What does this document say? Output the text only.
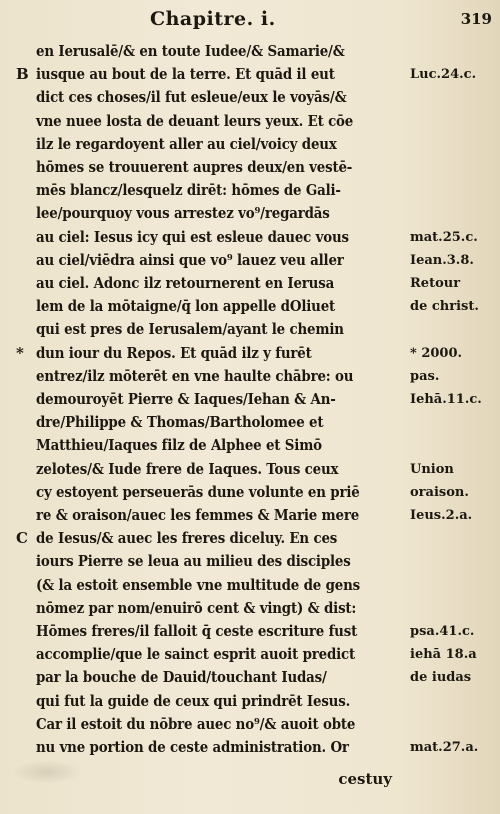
Chapitre. i.	319
en Ierusalē/& en toute Iudee/& Samarie/&
iusque au bout de la terre. Et quād il eut
dict ces choses/il fut esleue/eux le voyās/&
vne nuee losta de deuant leurs yeux. Et cōe
ilz le regardoyent aller au ciel/voicy deux
hōmes se trouuerent aupres deux/en vestē-
mēs blancz/lesquelz dirēt: hōmes de Gali-
lee/pourquoy vous arrestez vo⁹/regardās
au ciel: Iesus icy qui est esleue dauec vous
au ciel/viēdra ainsi que vo⁹ lauez veu aller
au ciel. Adonc ilz retournerent en Ierusa
lem de la mōtaigne/q̄ lon appelle dOliuet
qui est pres de Ierusalem/ayant le chemin
dun iour du Repos. Et quād ilz y furēt
entrez/ilz mōterēt en vne haulte chābre: ou
demouroyēt Pierre & Iaques/Iehan & An-
dre/Philippe & Thomas/Bartholomee et
Matthieu/Iaques filz de Alphee et Simō
zelotes/& Iude frere de Iaques. Tous ceux
cy estoyent perseuerās dune volunte en priē
re & oraison/auec les femmes & Marie mere
de Iesus/& auec les freres diceluy. En ces
iours Pierre se leua au milieu des disciples
(& la estoit ensemble vne multitude de gens
nōmez par nom/enuirō cent & vingt) & dist:
Hōmes freres/il falloit q̄ ceste escriture fust
accomplie/que le sainct esprit auoit predict
par la bouche de Dauid/touchant Iudas/
qui fut la guide de ceux qui prindrēt Iesus.
Car il estoit du nōbre auec no⁹/& auoit obte
nu vne portion de ceste administration. Or
Luc.24.c.
mat.25.c.
Iean.3.8.
Retour
de christ.
* 2000.
pas.
Iehā.11.c.
Union
oraison.
Ieus.2.a.
psa.41.c.
iehā 18.a
de iudas
mat.27.a.
B
*
C
cestuy
